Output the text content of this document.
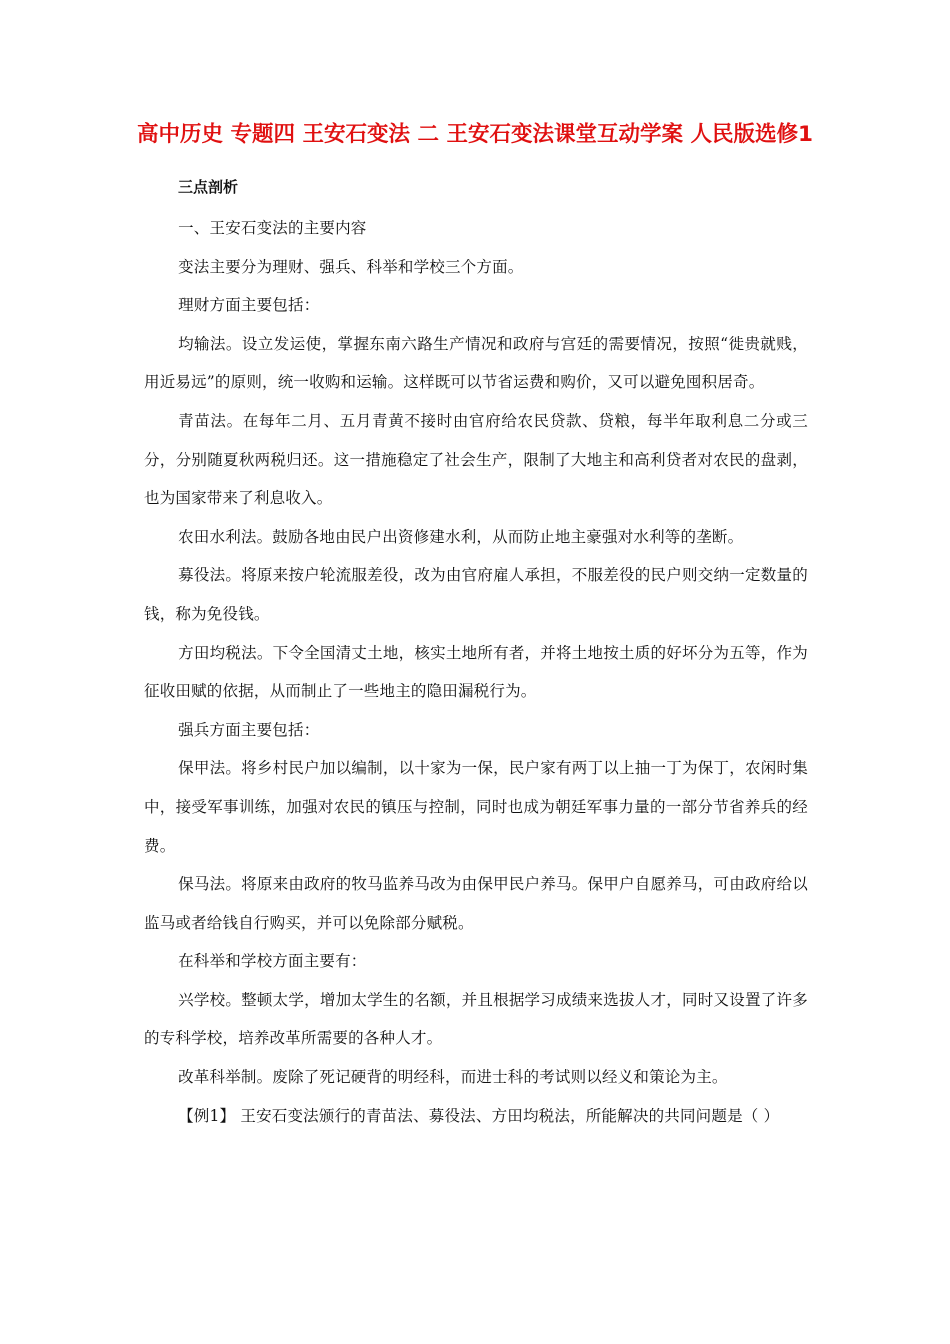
高中历史 专题四 王安石变法 二 王安石变法课堂互动学案 人民版选修1
三点剖析

一、王安石变法的主要内容

变法主要分为理财、强兵、科举和学校三个方面。

理财方面主要包括：

均输法。设立发运使，掌握东南六路生产情况和政府与宫廷的需要情况，按照“徙贵就贱，用近易远”的原则，统一收购和运输。这样既可以节省运费和购价，又可以避免囤积居奇。

青苗法。在每年二月、五月青黄不接时由官府给农民贷款、贷粮，每半年取利息二分或三分，分别随夏秋两税归还。这一措施稳定了社会生产，限制了大地主和高利贷者对农民的盘剥，也为国家带来了利息收入。

农田水利法。鼓励各地由民户出资修建水利，从而防止地主豪强对水利等的垄断。

募役法。将原来按户轮流服差役，改为由官府雇人承担，不服差役的民户则交纳一定数量的钱，称为免役钱。

方田均税法。下令全国清丈土地，核实土地所有者，并将土地按土质的好坏分为五等，作为征收田赋的依据，从而制止了一些地主的隐田漏税行为。

强兵方面主要包括：

保甲法。将乡村民户加以编制，以十家为一保，民户家有两丁以上抽一丁为保丁，农闲时集中，接受军事训练，加强对农民的镇压与控制，同时也成为朝廷军事力量的一部分节省养兵的经费。

保马法。将原来由政府的牧马监养马改为由保甲民户养马。保甲户自愿养马，可由政府给以监马或者给钱自行购买，并可以免除部分赋税。

在科举和学校方面主要有：

兴学校。整顿太学，增加太学生的名额，并且根据学习成绩来选拔人才，同时又设置了许多的专科学校，培养改革所需要的各种人才。

改革科举制。废除了死记硬背的明经科，而进士科的考试则以经义和策论为主。

【例1】 王安石变法颁行的青苗法、募役法、方田均税法，所能解决的共同问题是（ ）
